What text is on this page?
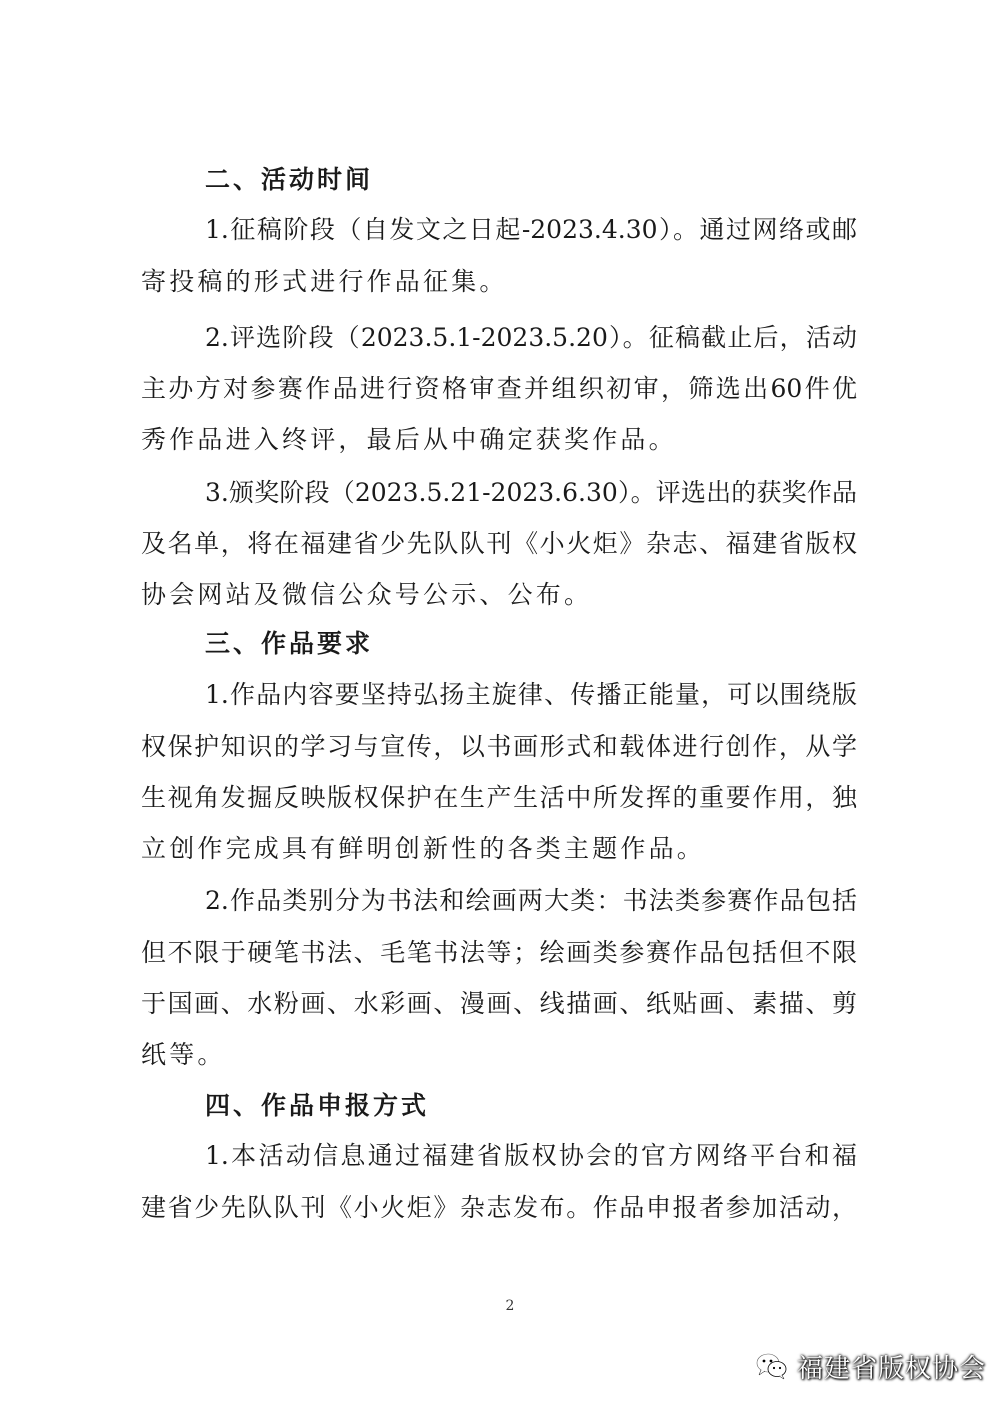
二、活动时间
1.征稿阶段（自发文之日起-2023.4.30）。通过网络或邮
寄投稿的形式进行作品征集。
2.评选阶段（2023.5.1-2023.5.20）。征稿截止后，活动
主办方对参赛作品进行资格审查并组织初审，筛选出60件优
秀作品进入终评，最后从中确定获奖作品。
3.颁奖阶段（2023.5.21-2023.6.30）。评选出的获奖作品
及名单，将在福建省少先队队刊《小火炬》杂志、福建省版权
协会网站及微信公众号公示、公布。
三、作品要求
1.作品内容要坚持弘扬主旋律、传播正能量，可以围绕版
权保护知识的学习与宣传，以书画形式和载体进行创作，从学
生视角发掘反映版权保护在生产生活中所发挥的重要作用，独
立创作完成具有鲜明创新性的各类主题作品。
2.作品类别分为书法和绘画两大类：书法类参赛作品包括
但不限于硬笔书法、毛笔书法等；绘画类参赛作品包括但不限
于国画、水粉画、水彩画、漫画、线描画、纸贴画、素描、剪
纸等。
四、作品申报方式
1.本活动信息通过福建省版权协会的官方网络平台和福
建省少先队队刊《小火炬》杂志发布。作品申报者参加活动，
2
福建省版权协会
